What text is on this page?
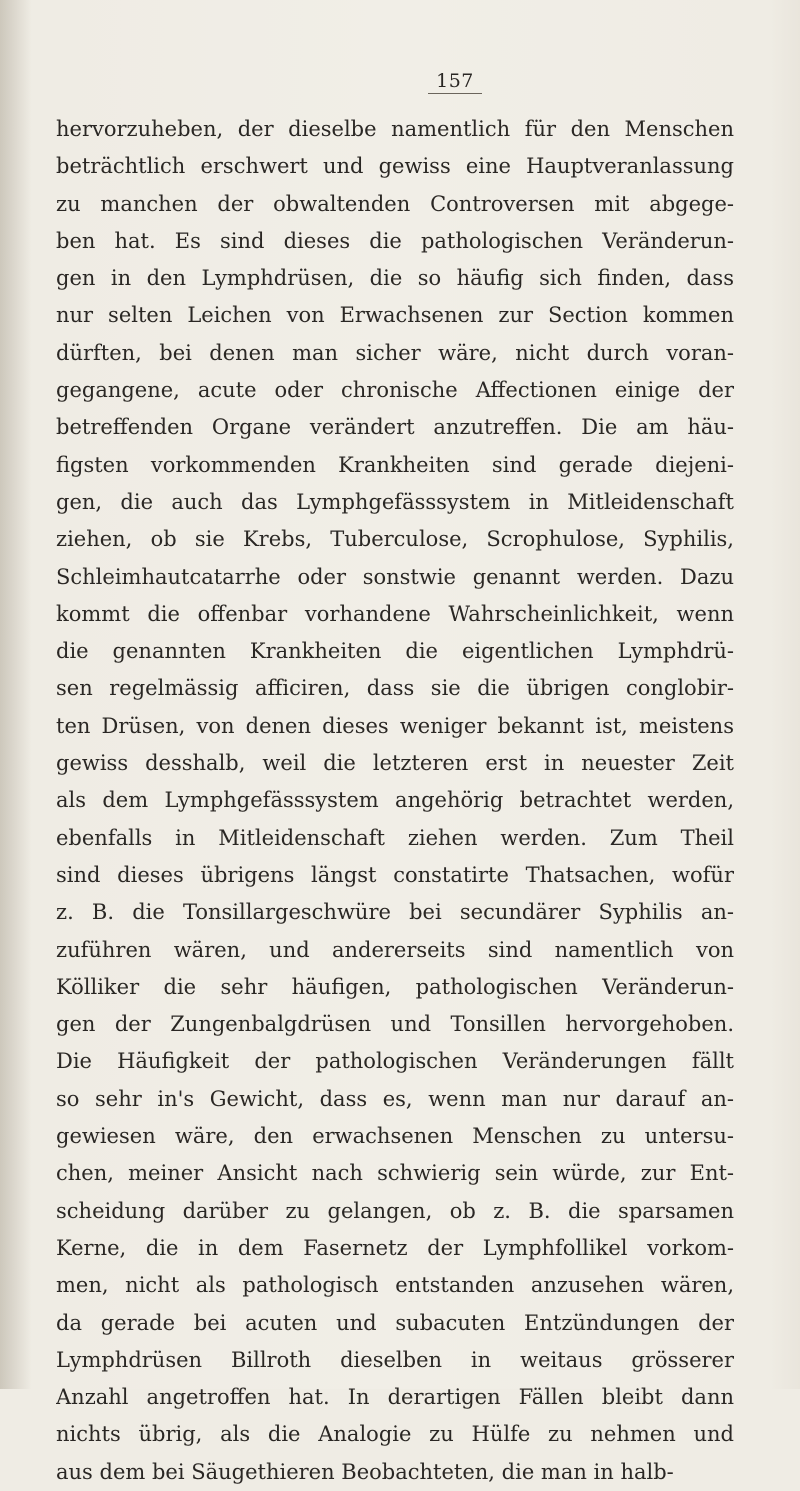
157
hervorzuheben, der dieselbe namentlich für den Menschen
beträchtlich erschwert und gewiss eine Hauptveranlassung
zu manchen der obwaltenden Controversen mit abgege-
ben hat. Es sind dieses die pathologischen Veränderun-
gen in den Lymphdrüsen, die so häufig sich finden, dass
nur selten Leichen von Erwachsenen zur Section kommen
dürften, bei denen man sicher wäre, nicht durch voran-
gegangene, acute oder chronische Affectionen einige der
betreffenden Organe verändert anzutreffen. Die am häu-
figsten vorkommenden Krankheiten sind gerade diejeni-
gen, die auch das Lymphgefässsystem in Mitleidenschaft
ziehen, ob sie Krebs, Tuberculose, Scrophulose, Syphilis,
Schleimhautcatarrhe oder sonstwie genannt werden. Dazu
kommt die offenbar vorhandene Wahrscheinlichkeit, wenn
die genannten Krankheiten die eigentlichen Lymphdrü-
sen regelmässig afficiren, dass sie die übrigen conglobir-
ten Drüsen, von denen dieses weniger bekannt ist, meistens
gewiss desshalb, weil die letzteren erst in neuester Zeit
als dem Lymphgefässsystem angehörig betrachtet werden,
ebenfalls in Mitleidenschaft ziehen werden. Zum Theil
sind dieses übrigens längst constatirte Thatsachen, wofür
z. B. die Tonsillargeschwüre bei secundärer Syphilis an-
zuführen wären, und andererseits sind namentlich von
Kölliker die sehr häufigen, pathologischen Veränderun-
gen der Zungenbalgdrüsen und Tonsillen hervorgehoben.
Die Häufigkeit der pathologischen Veränderungen fällt
so sehr in's Gewicht, dass es, wenn man nur darauf an-
gewiesen wäre, den erwachsenen Menschen zu untersu-
chen, meiner Ansicht nach schwierig sein würde, zur Ent-
scheidung darüber zu gelangen, ob z. B. die sparsamen
Kerne, die in dem Fasernetz der Lymphfollikel vorkom-
men, nicht als pathologisch entstanden anzusehen wären,
da gerade bei acuten und subacuten Entzündungen der
Lymphdrüsen Billroth dieselben in weitaus grösserer
Anzahl angetroffen hat. In derartigen Fällen bleibt dann
nichts übrig, als die Analogie zu Hülfe zu nehmen und
aus dem bei Säugethieren Beobachteten, die man in halb-
